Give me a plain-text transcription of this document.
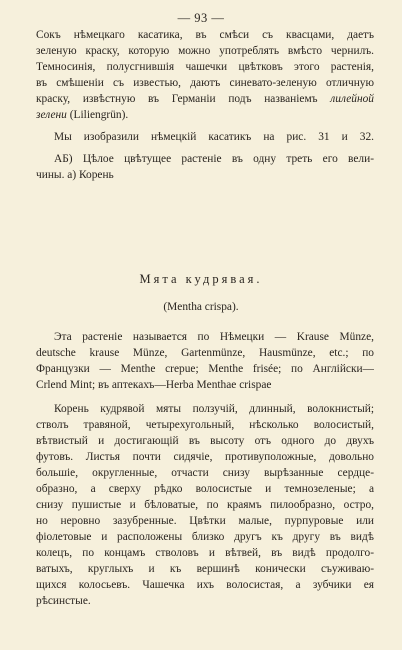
— 93 —
Сокъ нѣмецкаго касатика, въ смѣси съ квасцами, даетъ
зеленую краску, которую можно употреблять вмѣсто чернилъ.
Темносинія, полусгнившія чашечки цвѣтковъ этого растенія,
въ смѣшеніи съ известью, даютъ синевато-зеленую отличную
краску, извѣстную въ Германіи подъ названіемъ лилейной
зелени (Liliengrün).
Мы изобразили нѣмецкій касатикъ на рис. 31 и 32.
АБ) Цѣлое цвѣтущее растеніе въ одну треть его вели-
чины. а) Корень
Мята кудрявая.
(Mentha crispa).
Эта растеніе называется по Нѣмецки — Krause Münze,
deutsche krause Münze, Gartenmünze, Hausmünze, etc.; по
Французки — Menthe crepue; Menthe frisée; по Англійски—
Crlend Mint; въ аптекахъ—Herba Menthae crispae
Корень кудрявой мяты ползучій, длинный, волокнистый;
стволъ травяной, четырехугольный, нѣсколько волосистый,
вѣтвистый и достигающій въ высоту отъ одного до двухъ
футовъ. Листья почти сидячіе, противуположные, довольно
большіе, округленные, отчасти снизу вырѣзанные сердце-
образно, а сверху рѣдко волосистые и темнозеленые; а
снизу пушистые и бѣловатые, по краямъ пилообразно, остро,
но неровно зазубренные. Цвѣтки малые, пурпуровые или
фіолетовые и расположены близко другъ къ другу въ видѣ
колецъ, по концамъ стволовъ и вѣтвей, въ видѣ продолго-
ватыхъ, круглыхъ и къ вершинѣ конически съуживаю-
щихся колосьевъ. Чашечка ихъ волосистая, а зубчики ея
рѣсинстые.
